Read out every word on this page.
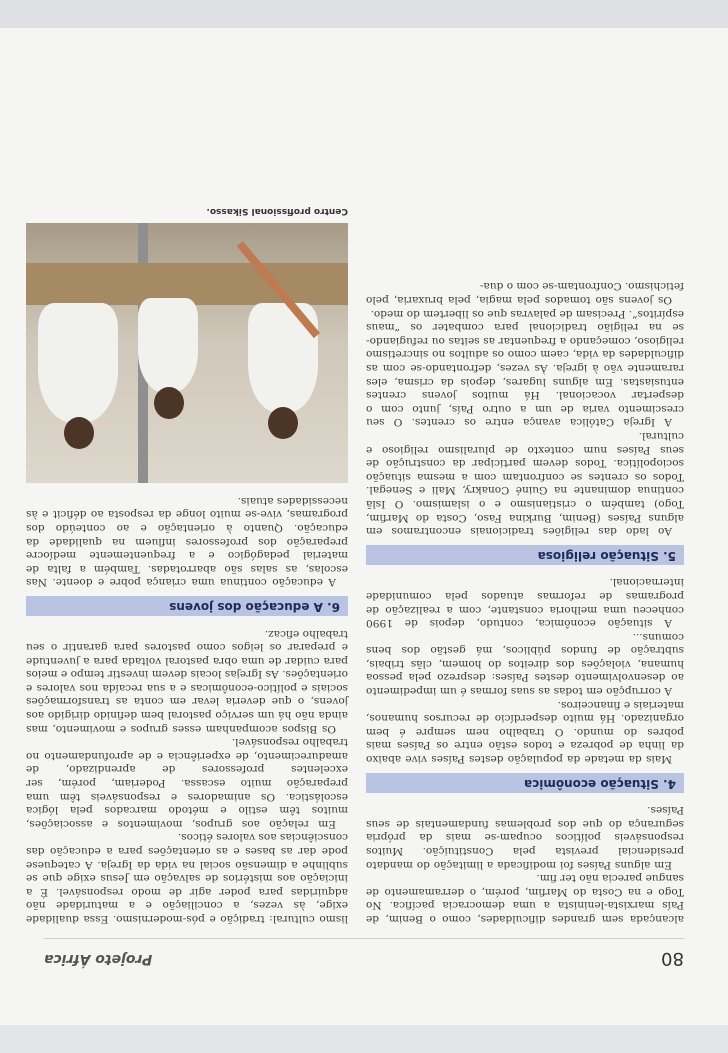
80
Projeto África

alcançada sem grandes dificuldades, como o Benim, de País marxista-leninista a uma democracia pacífica. No Togo e na Costa do Marfim, porém, o derramamento de sangue parecia não ter fim.

Em alguns Países foi modificada a limitação do mandato presidencial prevista pela Constituição. Muitos responsáveis políticos ocupam-se mais da própria segurança do que dos problemas fundamentais de seus Países.

4. Situação econômica

Mais da metade da população destes Países vive abaixo da linha de pobreza e todos estão entre os Países mais pobres do mundo. O trabalho nem sempre é bem organizado. Há muito desperdício de recursos humanos, materiais e financeiros.

A corrupção em todas as suas formas é um impedimento ao desenvolvimento destes Países: desprezo pela pessoa humana, violações dos direitos do homem, clãs tribais, subtração de fundos públicos, má gestão dos bens comuns...

A situação econômica, contudo, depois de 1990 conheceu uma melhoria constante, com a realização de programas de reformas atuados pela comunidade internacional.

5. Situação religiosa

Ao lado das religiões tradicionais encontramos em alguns Países (Benim, Burkina Faso, Costa do Marfim, Togo) também o cristianismo e o islamismo. O Islã continua dominante na Guiné Conakry, Mali e Senegal. Todos os crentes se confrontam com a mesma situação sociopolítica. Todos devem participar da construção de seus Países num contexto de pluralismo religioso e cultural.

A Igreja Católica avança entre os crentes. O seu crescimento varia de um a outro País, junto com o despertar vocacional. Há muitos jovens crentes entusiastas. Em alguns lugares, depois da crisma, eles raramente vão à igreja. Às vezes, defrontando-se com as dificuldades da vida, caem como os adultos no sincretismo religioso, começando a frequentar as seitas ou refugiando-se na religião tradicional para combater os “maus espíritos”. Precisam de palavras que os libertem do medo.

Os jovens são tomados pela magia, pela bruxaria, pelo fetichismo. Confrontam-se com o dua-

lismo cultural: tradição e pós-modernismo. Essa dualidade exige, às vezes, a conciliação e a maturidade não adquiridas para poder agir de modo responsável. É a iniciação aos mistérios de salvação em Jesus exige que se sublinhe a dimensão social na vida da Igreja. A catequese pode dar as bases e as orientações para a educação das consciências aos valores éticos.

Em relação aos grupos, movimentos e associações, muitos têm estilo e método marcados pela lógica escolástica. Os animadores e responsáveis têm uma preparação muito escassa. Poderiam, porém, ser excelentes professores de aprendizado, de amadurecimento, de experiência e de aprofundamento no trabalho responsável.

Os Bispos acompanham esses grupos e movimento, mas ainda não há um serviço pastoral bem definido dirigido aos jovens, o que deveria levar em conta as transformações sociais e político-econômicas e a sua recaída nos valores e orientações. As Igrejas locais devem investir tempo e meios para cuidar de uma obra pastoral voltada para a juventude e preparar os leigos como pastores para garantir o seu trabalho eficaz.

6. A educação dos jovens

A educação continua uma criança pobre e doente. Nas escolas, as salas são abarrotadas. Também a falta de material pedagógico e a frequentemente medíocre preparação dos professores influem na qualidade da educação. Quanto à orientação e ao conteúdo dos programas, vive-se muito longe da resposta ao déficit e às necessidades atuais.

Centro profissional Sikasso.
